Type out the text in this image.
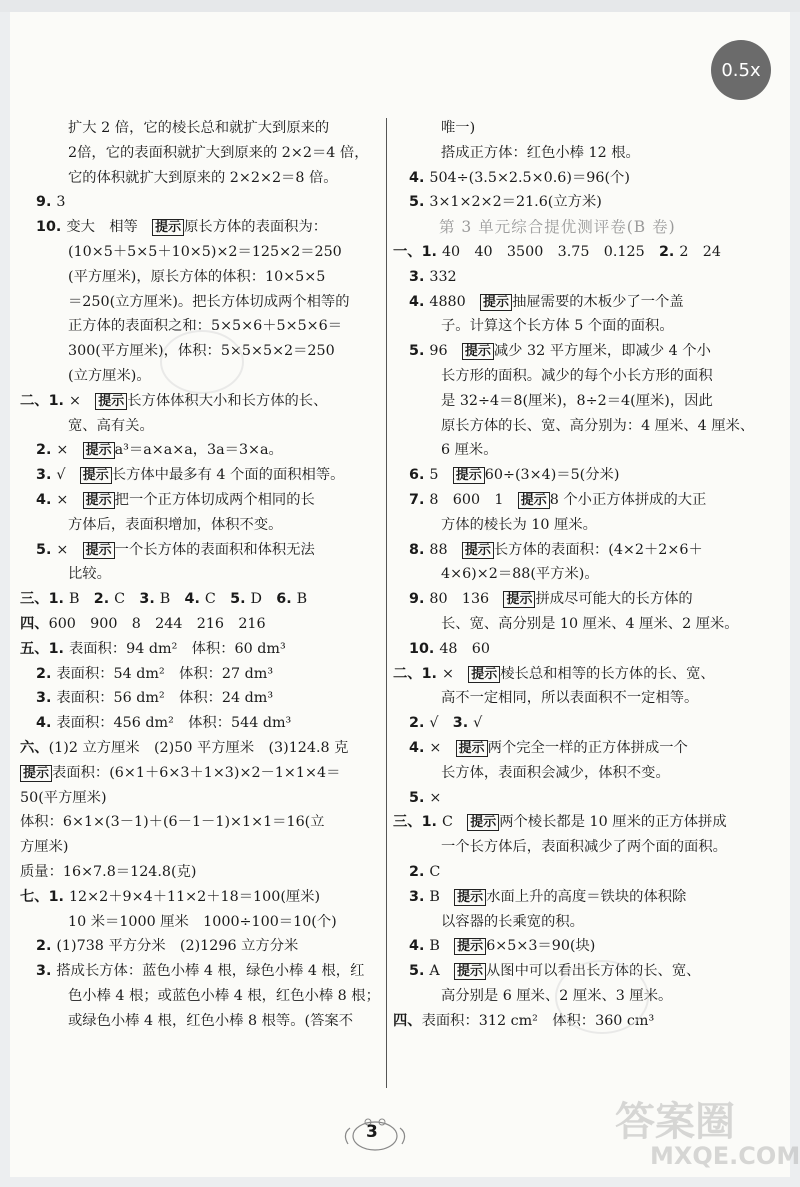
0.5x
扩大 2 倍，它的棱长总和就扩大到原来的
2倍，它的表面积就扩大到原来的 2×2＝4 倍，
它的体积就扩大到原来的 2×2×2＝8 倍。
9. 3
10. 变大　相等　提示 原长方体的表面积为：
(10×5＋5×5＋10×5)×2＝125×2＝250
(平方厘米)，原长方体的体积：10×5×5
＝250(立方厘米)。把长方体切成两个相等的
正方体的表面积之和：5×5×6＋5×5×6＝
300(平方厘米)，体积：5×5×5×2＝250
(立方厘米)。
二、1. ×　提示 长方体体积大小和长方体的长、
宽、高有关。
2. ×　提示 a³＝a×a×a，3a＝3×a。
3. √　提示 长方体中最多有 4 个面的面积相等。
4. ×　提示 把一个正方体切成两个相同的长
方体后，表面积增加，体积不变。
5. ×　提示 一个长方体的表面积和体积无法
比较。
三、1. B　2. C　3. B　4. C　5. D　6. B
四、600　900　8　244　216　216
五、1. 表面积：94 dm²　体积：60 dm³
2. 表面积：54 dm²　体积：27 dm³
3. 表面积：56 dm²　体积：24 dm³
4. 表面积：456 dm²　体积：544 dm³
六、(1)2 立方厘米　(2)50 平方厘米　(3)124.8 克
提示 表面积：(6×1＋6×3＋1×3)×2－1×1×4＝
50(平方厘米)
体积：6×1×(3－1)＋(6－1－1)×1×1＝16(立
方厘米)
质量：16×7.8＝124.8(克)
七、1. 12×2＋9×4＋11×2＋18＝100(厘米)
10 米＝1000 厘米　1000÷100＝10(个)
2. (1)738 平方分米　(2)1296 立方分米
3. 搭成长方体：蓝色小棒 4 根，绿色小棒 4 根，红
色小棒 4 根；或蓝色小棒 4 根，红色小棒 8 根；
或绿色小棒 4 根，红色小棒 8 根等。(答案不
唯一)
搭成正方体：红色小棒 12 根。
4. 504÷(3.5×2.5×0.6)＝96(个)
5. 3×1×2×2＝21.6(立方米)
第 3 单元综合提优测评卷(B 卷)
一、1. 40　40　3500　3.75　0.125　2. 2　24
3. 332
4. 4880　提示 抽屉需要的木板少了一个盖
子。计算这个长方体 5 个面的面积。
5. 96　提示 减少 32 平方厘米，即减少 4 个小
长方形的面积。减少的每个小长方形的面积
是 32÷4＝8(厘米)，8÷2＝4(厘米)，因此
原长方体的长、宽、高分别为：4 厘米、4 厘米、
6 厘米。
6. 5　提示 60÷(3×4)＝5(分米)
7. 8　600　1　提示 8 个小正方体拼成的大正
方体的棱长为 10 厘米。
8. 88　提示 长方体的表面积：(4×2＋2×6＋
4×6)×2＝88(平方米)。
9. 80　136　提示 拼成尽可能大的长方体的
长、宽、高分别是 10 厘米、4 厘米、2 厘米。
10. 48　60
二、1. ×　提示 棱长总和相等的长方体的长、宽、
高不一定相同，所以表面积不一定相等。
2. √　3. √
4. ×　提示 两个完全一样的正方体拼成一个
长方体，表面积会减少，体积不变。
5. ×
三、1. C　提示 两个棱长都是 10 厘米的正方体拼成
一个长方体后，表面积减少了两个面的面积。
2. C
3. B　提示 水面上升的高度＝铁块的体积除
以容器的长乘宽的积。
4. B　提示 6×5×3＝90(块)
5. A　提示 从图中可以看出长方体的长、宽、
高分别是 6 厘米、2 厘米、3 厘米。
四、表面积：312 cm²　体积：360 cm³
3	答案圈
MXQE.COM
